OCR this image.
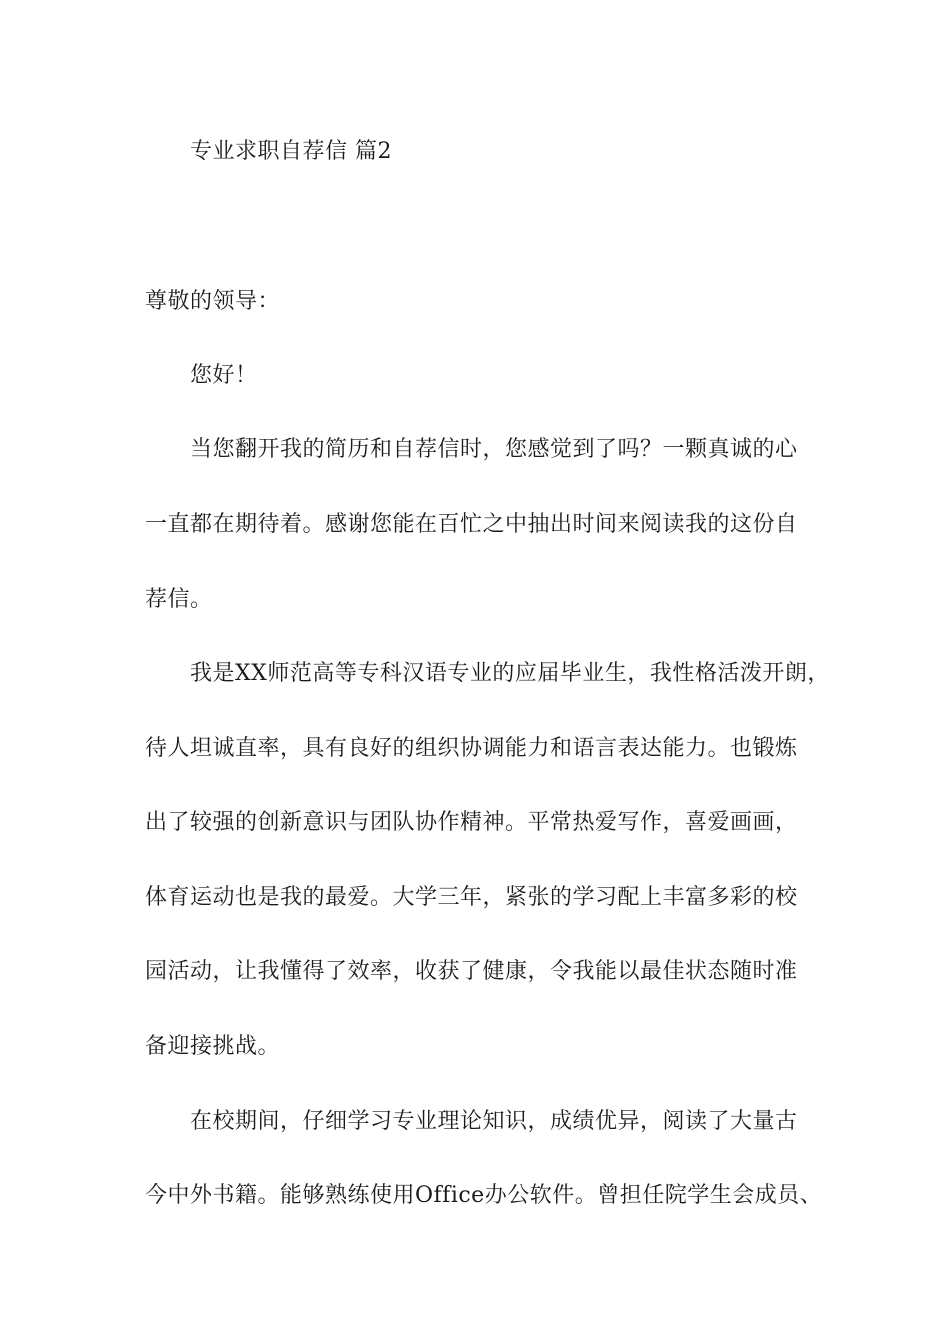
专业求职自荐信 篇2
尊敬的领导：
您好！
当您翻开我的简历和自荐信时，您感觉到了吗？一颗真诚的心
一直都在期待着。感谢您能在百忙之中抽出时间来阅读我的这份自
荐信。
我是XX师范高等专科汉语专业的应届毕业生，我性格活泼开朗，
待人坦诚直率，具有良好的组织协调能力和语言表达能力。也锻炼
出了较强的创新意识与团队协作精神。平常热爱写作，喜爱画画，
体育运动也是我的最爱。大学三年，紧张的学习配上丰富多彩的校
园活动，让我懂得了效率，收获了健康，令我能以最佳状态随时准
备迎接挑战。
在校期间，仔细学习专业理论知识，成绩优异，阅读了大量古
今中外书籍。能够熟练使用Office办公软件。曾担任院学生会成员、
